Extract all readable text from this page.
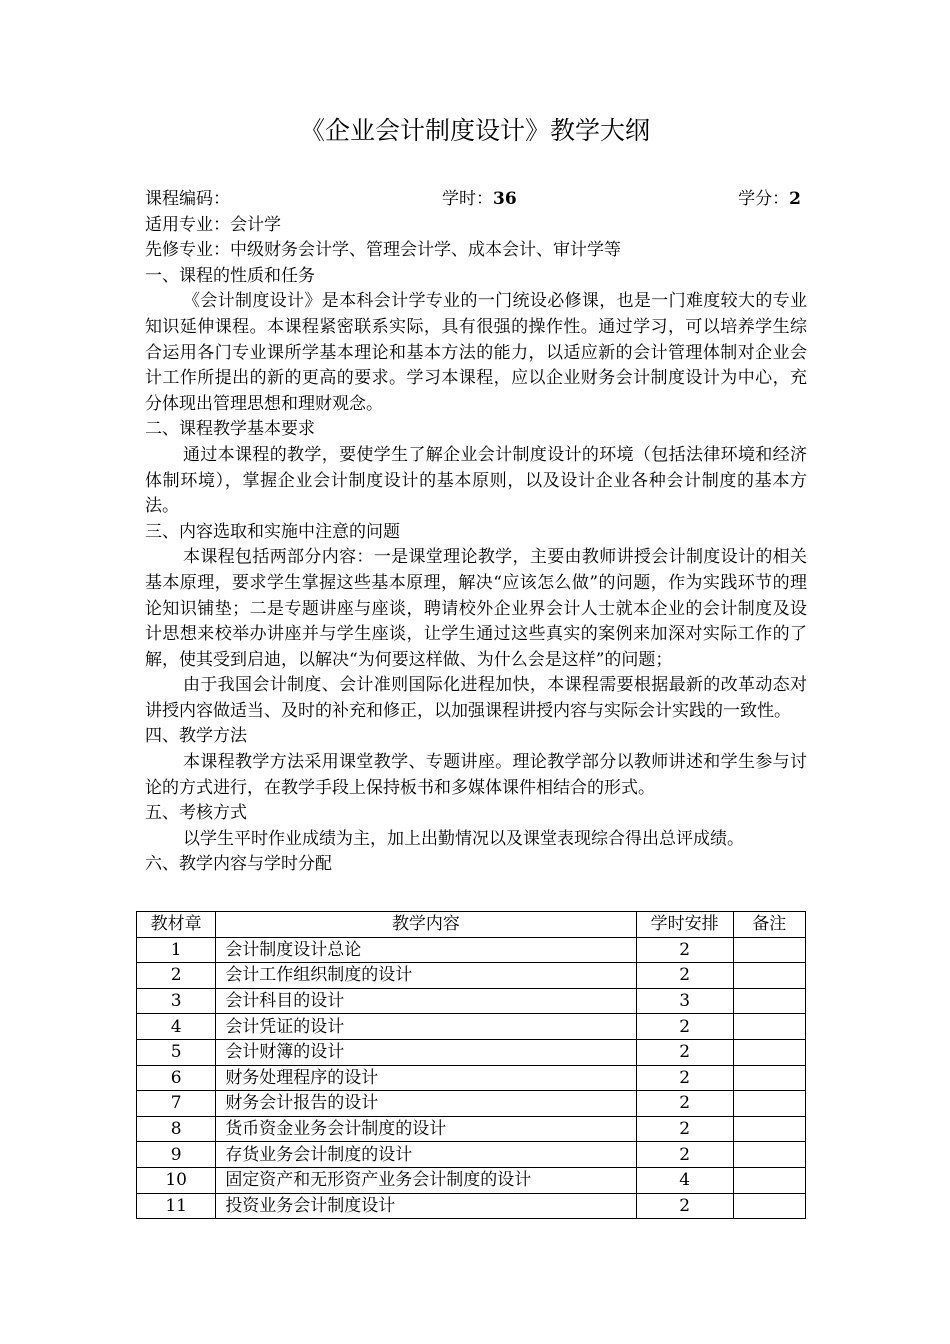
《企业会计制度设计》教学大纲
课程编码：	学时：36	学分：2
适用专业：会计学
先修专业：中级财务会计学、管理会计学、成本会计、审计学等
一、课程的性质和任务
《会计制度设计》是本科会计学专业的一门统设必修课，也是一门难度较大的专业知识延伸课程。本课程紧密联系实际，具有很强的操作性。通过学习，可以培养学生综合运用各门专业课所学基本理论和基本方法的能力，以适应新的会计管理体制对企业会计工作所提出的新的更高的要求。学习本课程，应以企业财务会计制度设计为中心，充分体现出管理思想和理财观念。
二、课程教学基本要求
通过本课程的教学，要使学生了解企业会计制度设计的环境（包括法律环境和经济体制环境），掌握企业会计制度设计的基本原则，以及设计企业各种会计制度的基本方法。
三、内容选取和实施中注意的问题
本课程包括两部分内容：一是课堂理论教学，主要由教师讲授会计制度设计的相关基本原理，要求学生掌握这些基本原理，解决“应该怎么做”的问题，作为实践环节的理论知识铺垫；二是专题讲座与座谈，聘请校外企业界会计人士就本企业的会计制度及设计思想来校举办讲座并与学生座谈，让学生通过这些真实的案例来加深对实际工作的了解，使其受到启迪，以解决“为何要这样做、为什么会是这样”的问题；
由于我国会计制度、会计准则国际化进程加快，本课程需要根据最新的改革动态对讲授内容做适当、及时的补充和修正，以加强课程讲授内容与实际会计实践的一致性。
四、教学方法
本课程教学方法采用课堂教学、专题讲座。理论教学部分以教师讲述和学生参与讨论的方式进行，在教学手段上保持板书和多媒体课件相结合的形式。
五、考核方式
以学生平时作业成绩为主，加上出勤情况以及课堂表现综合得出总评成绩。
六、教学内容与学时分配
教材章	教学内容	学时安排	备注
1	会计制度设计总论	2	
2	会计工作组织制度的设计	2	
3	会计科目的设计	3	
4	会计凭证的设计	2	
5	会计财簿的设计	2	
6	财务处理程序的设计	2	
7	财务会计报告的设计	2	
8	货币资金业务会计制度的设计	2	
9	存货业务会计制度的设计	2	
10	固定资产和无形资产业务会计制度的设计	4	
11	投资业务会计制度设计	2	
